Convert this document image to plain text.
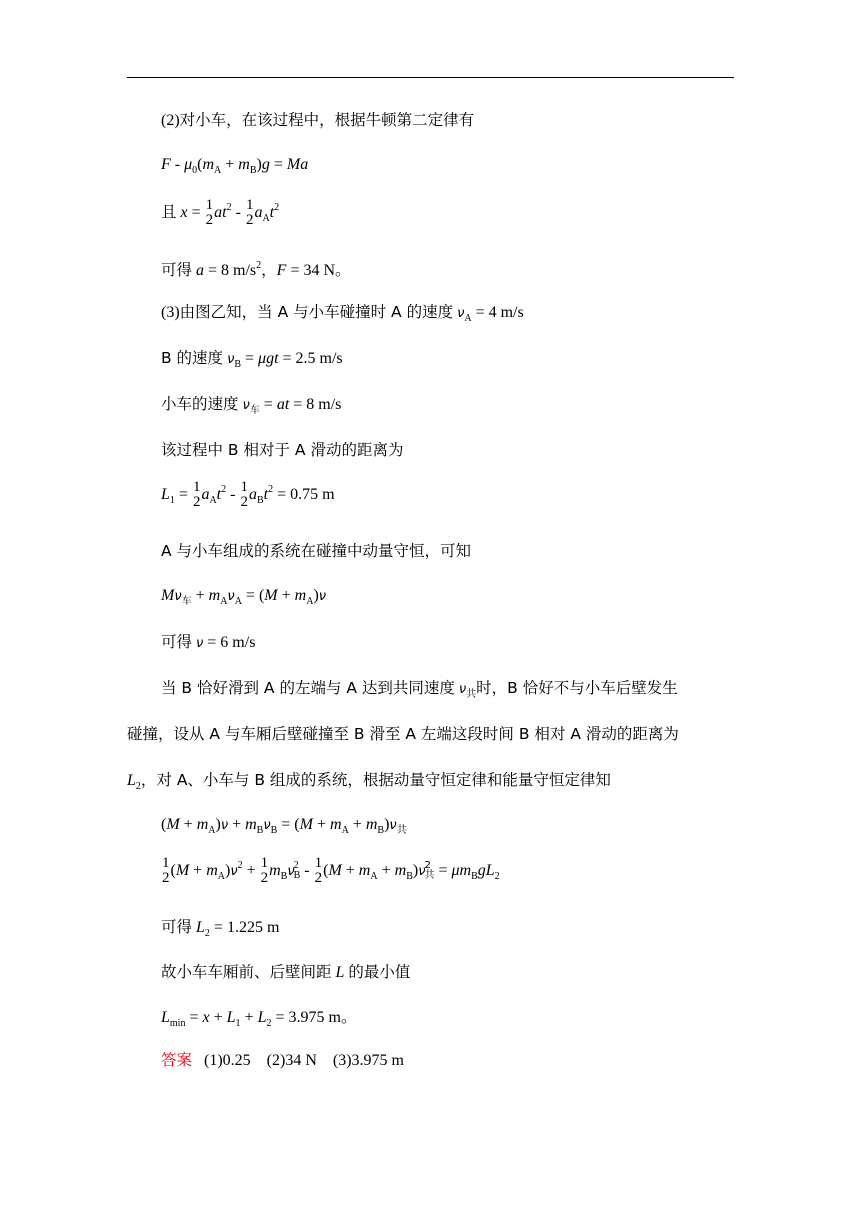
(2)对小车，在该过程中，根据牛顿第二定律有
$F - \mu_0(m_A + m_B)g = Ma$
且 x = 1
2 $at^2 - 1$
2 $a_At^2$
可得 a = 8 $m/s^2$，F = 34 N。
(3)由图乙知，当 A 与小车碰撞时 A 的速度 $\nu_A = 4$ m/s
B 的速度 $\nu_B = \mu gt = 2.5$ m/s
小车的速度 $\nu_车$ = at = 8 m/s
该过程中 B 相对于 A 滑动的距离为
$L_1 = 1$
2 $a_At^2 - 1$
2 $a_Bt^2 = 0.75$ m
A 与小车组成的系统在碰撞中动量守恒，可知
$M\nu_车 + m_A\nu_A = (M + m_A)\nu$
可得 ν = 6 m/s
当 B 恰好滑到 A 的左端与 A 达到共同速度 $\nu_共$时，B 恰好不与小车后壁发生
碰撞，设从 A 与车厢后壁碰撞至 B 滑至 A 左端这段时间 B 相对 A 滑动的距离为
$L_2$，对 A、小车与 B 组成的系统，根据动量守恒定律和能量守恒定律知
$(M + m_A)\nu + m_B\nu_B = (M + m_A + m_B)\nu_共$
1
2 $(M + m_A)\nu^2 + 1$
2 $m_B\nu$ 2
B - 1
2 $(M + m_A + m_B)\nu$ 2
共 = $\mu m_BgL_2$
可得 $L_2 = 1.225$ m
故小车车厢前、后壁间距 L 的最小值
$L_{min} = x + L_1 + L_2 = 3.975$ m。
答案 (1)0.25    (2)34 N    (3)3.975 m
